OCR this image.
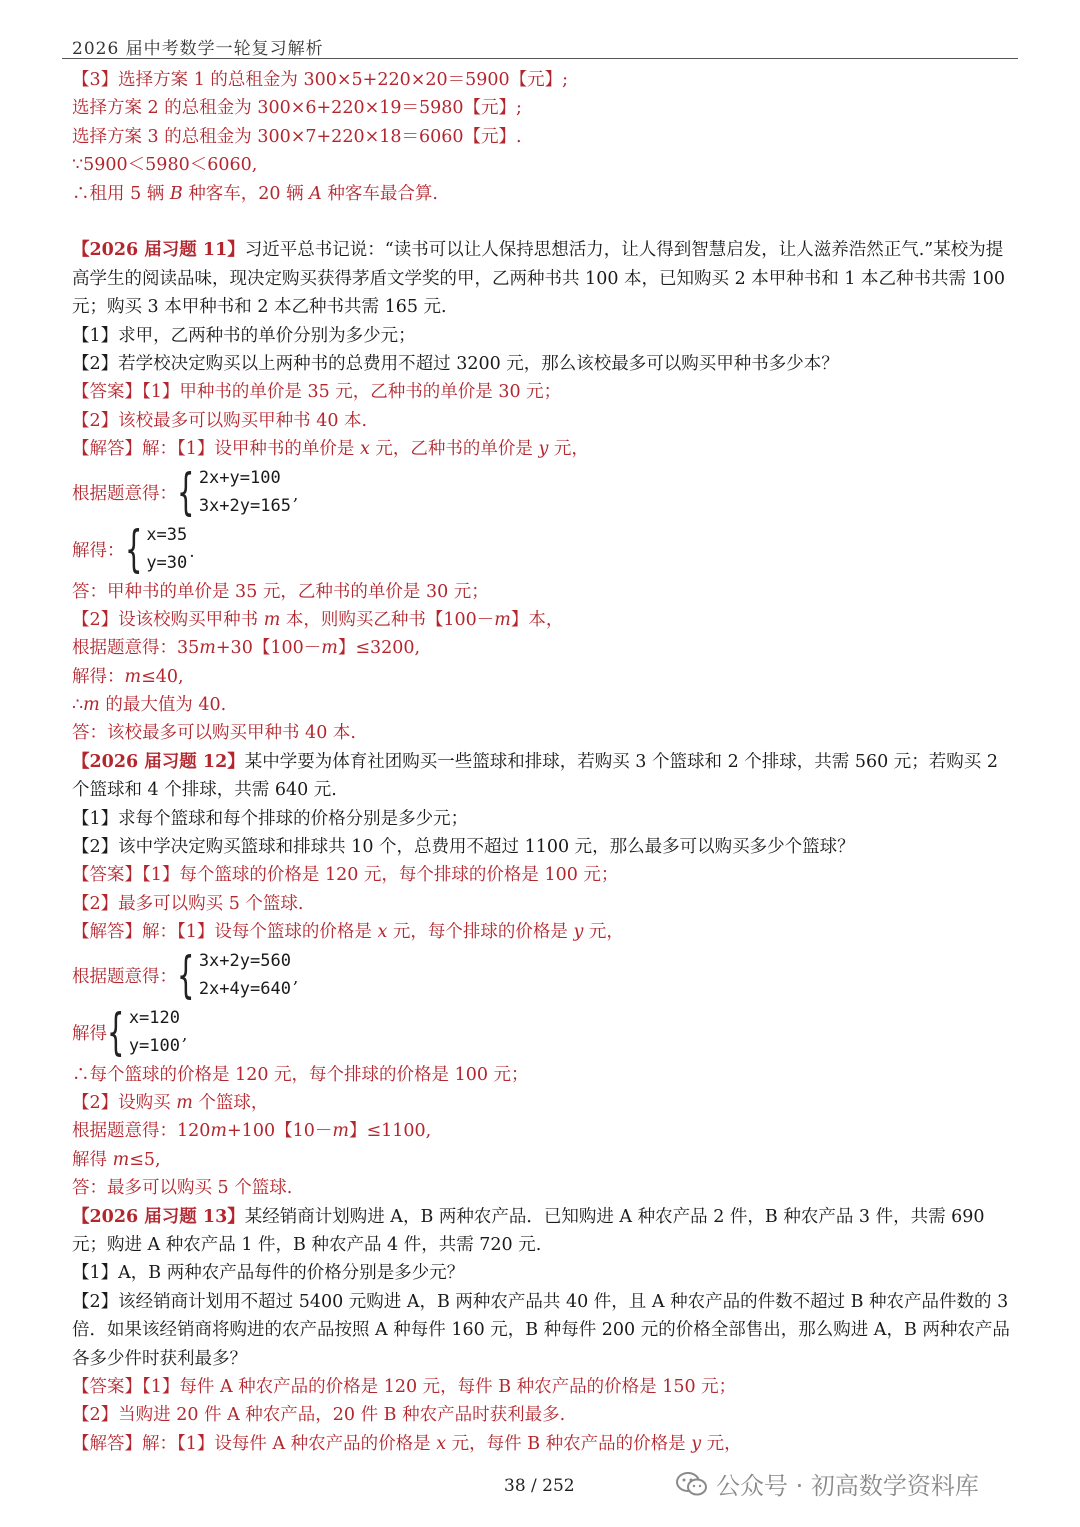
2026 届中考数学一轮复习解析
【3】选择方案 1 的总租金为 300×5+220×20＝5900【元】;
选择方案 2 的总租金为 300×6+220×19＝5980【元】;
选择方案 3 的总租金为 300×7+220×18＝6060【元】.
∵5900＜5980＜6060,
∴租用 5 辆 B 种客车，20 辆 A 种客车最合算.
【2026 届习题 11】习近平总书记说：“读书可以让人保持思想活力，让人得到智慧启发，让人滋养浩然正气.”某校为提高学生的阅读品味，现决定购买获得茅盾文学奖的甲，乙两种书共 100 本，已知购买 2 本甲种书和 1 本乙种书共需 100 元；购买 3 本甲种书和 2 本乙种书共需 165 元.
【1】求甲，乙两种书的单价分别为多少元；
【2】若学校决定购买以上两种书的总费用不超过 3200 元，那么该校最多可以购买甲种书多少本？
【答案】【1】甲种书的单价是 35 元，乙种书的单价是 30 元；
【2】该校最多可以购买甲种书 40 本.
【解答】解：【1】设甲种书的单价是 x 元，乙种书的单价是 y 元，
根据题意得： { 2x+y=100
3x+2y=165
,
解得： { x=35
y=30
.
答：甲种书的单价是 35 元，乙种书的单价是 30 元；
【2】设该校购买甲种书 m 本，则购买乙种书【100－m】本，
根据题意得：35m+30【100－m】≤3200,
解得：m≤40,
∴m 的最大值为 40.
答：该校最多可以购买甲种书 40 本.
【2026 届习题 12】某中学要为体育社团购买一些篮球和排球，若购买 3 个篮球和 2 个排球，共需 560 元；若购买 2 个篮球和 4 个排球，共需 640 元.
【1】求每个篮球和每个排球的价格分别是多少元；
【2】该中学决定购买篮球和排球共 10 个，总费用不超过 1100 元，那么最多可以购买多少个篮球？
【答案】【1】每个篮球的价格是 120 元，每个排球的价格是 100 元；
【2】最多可以购买 5 个篮球.
【解答】解：【1】设每个篮球的价格是 x 元，每个排球的价格是 y 元，
根据题意得： { 3x+2y=560
2x+4y=640
,
解得 { x=120
y=100
,
∴每个篮球的价格是 120 元，每个排球的价格是 100 元；
【2】设购买 m 个篮球，
根据题意得：120m+100【10－m】≤1100,
解得 m≤5,
答：最多可以购买 5 个篮球.
【2026 届习题 13】某经销商计划购进 A，B 两种农产品．已知购进 A 种农产品 2 件，B 种农产品 3 件，共需 690 元；购进 A 种农产品 1 件，B 种农产品 4 件，共需 720 元.
【1】A，B 两种农产品每件的价格分别是多少元？
【2】该经销商计划用不超过 5400 元购进 A，B 两种农产品共 40 件，且 A 种农产品的件数不超过 B 种农产品件数的 3 倍．如果该经销商将购进的农产品按照 A 种每件 160 元，B 种每件 200 元的价格全部售出，那么购进 A，B 两种农产品各多少件时获利最多？
【答案】【1】每件 A 种农产品的价格是 120 元，每件 B 种农产品的价格是 150 元；
【2】当购进 20 件 A 种农产品，20 件 B 种农产品时获利最多.
【解答】解：【1】设每件 A 种农产品的价格是 x 元，每件 B 种农产品的价格是 y 元，
38 / 252	公众号 · 初高数学资料库
